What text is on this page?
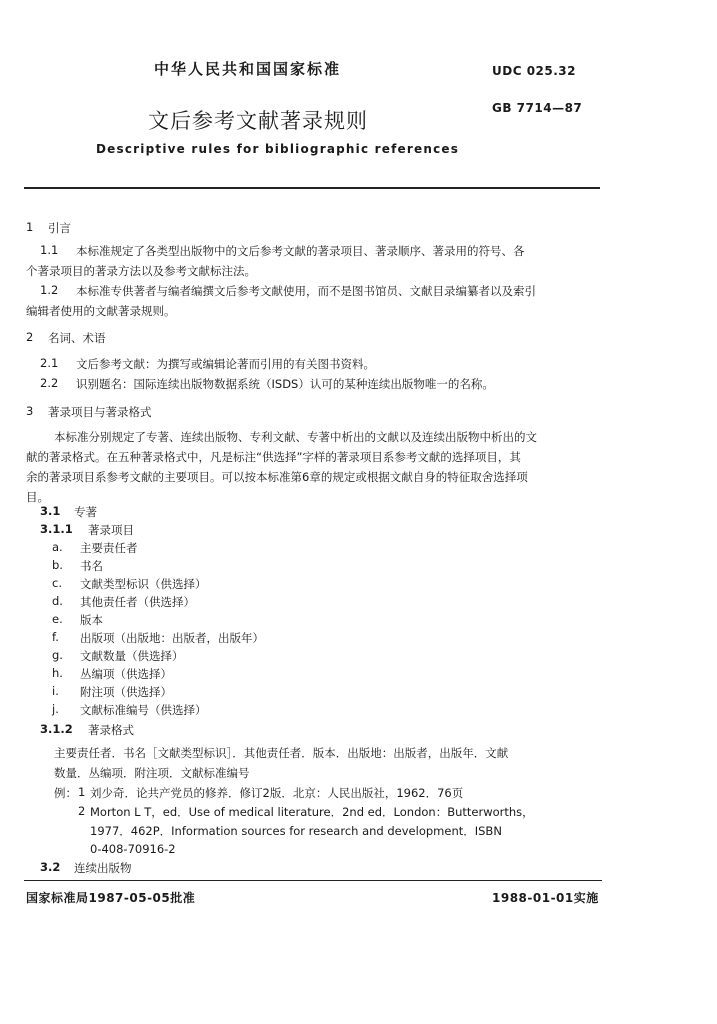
中华人民共和国国家标准	UDC 025.32
文后参考文献著录规则
GB 7714—87
Descriptive rules for bibliographic references
1 引言
1.1 本标准规定了各类型出版物中的文后参考文献的著录项目、著录顺序、著录用的符号、各
个著录项目的著录方法以及参考文献标注法。
1.2 本标准专供著者与编者编撰文后参考文献使用，而不是图书馆员、文献目录编纂者以及索引
编辑者使用的文献著录规则。
2 名词、术语
2.1 文后参考文献：为撰写或编辑论著而引用的有关图书资料。
2.2 识别题名：国际连续出版物数据系统（ISDS）认可的某种连续出版物唯一的名称。
3 著录项目与著录格式
本标准分别规定了专著、连续出版物、专利文献、专著中析出的文献以及连续出版物中析出的文
献的著录格式。在五种著录格式中，凡是标注“供选择”字样的著录项目系参考文献的选择项目，其
余的著录项目系参考文献的主要项目。可以按本标准第6章的规定或根据文献自身的特征取舍选择项
目。
3.1 专著
3.1.1 著录项目
a. 主要责任者
b. 书名
c. 文献类型标识（供选择）
d. 其他责任者（供选择）
e. 版本
f. 出版项（出版地：出版者，出版年）
g. 文献数量（供选择）
h. 丛编项（供选择）
i. 附注项（供选择）
j. 文献标准编号（供选择）
3.1.2 著录格式
主要责任者．书名［文献类型标识］．其他责任者．版本．出版地：出版者，出版年．文献
数量．丛编项．附注项．文献标准编号
例： 1 刘少奇．论共产党员的修养．修订2版．北京：人民出版社，1962．76页
2 Morton L T，ed．Use of medical literature．2nd ed．London：Butterworths，
1977．462P．Information sources for research and development．ISBN
0-408-70916-2
3.2 连续出版物
国家标准局1987-05-05批准	1988-01-01实施
